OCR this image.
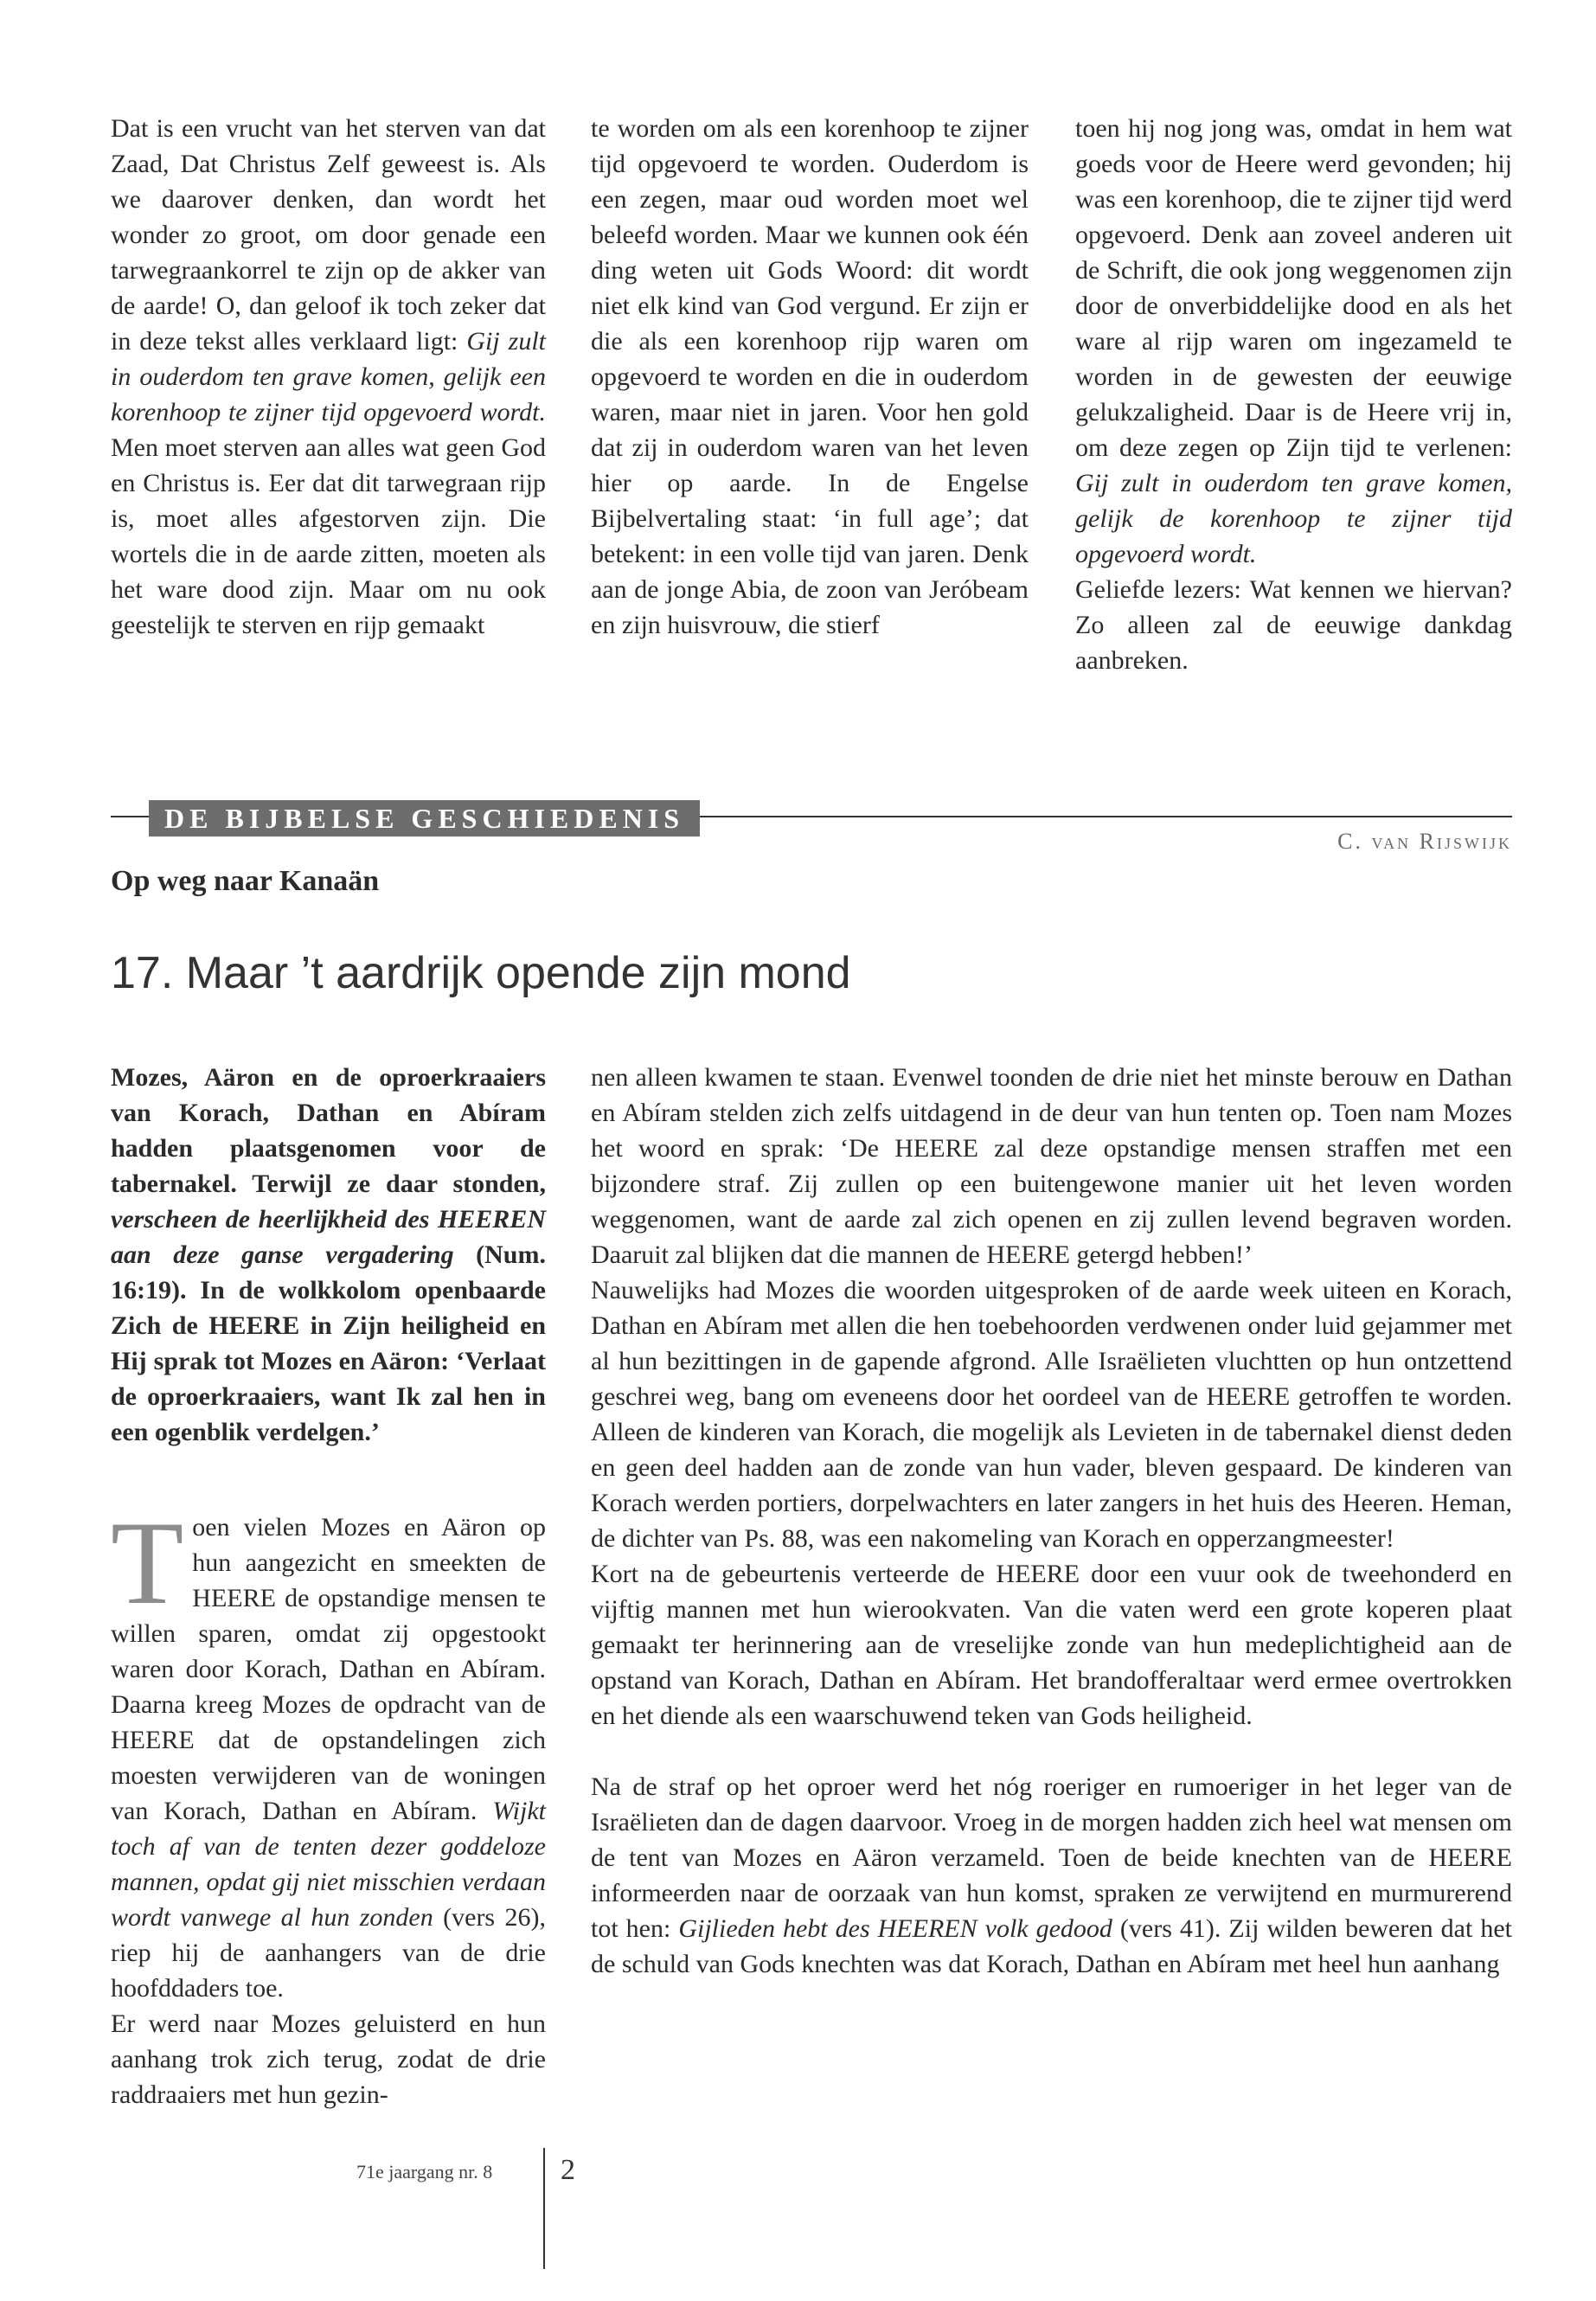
Dat is een vrucht van het sterven van dat Zaad, Dat Christus Zelf geweest is. Als we daarover denken, dan wordt het wonder zo groot, om door genade een tarwegraankorrel te zijn op de akker van de aarde! O, dan geloof ik toch zeker dat in deze tekst alles verklaard ligt: Gij zult in ouderdom ten grave komen, gelijk een korenhoop te zijner tijd opgevoerd wordt. Men moet sterven aan alles wat geen God en Christus is. Eer dat dit tarwegraan rijp is, moet alles afgestorven zijn. Die wortels die in de aarde zitten, moeten als het ware dood zijn. Maar om nu ook geestelijk te sterven en rijp gemaakt

te worden om als een korenhoop te zijner tijd opgevoerd te worden. Ouderdom is een zegen, maar oud worden moet wel beleefd worden. Maar we kunnen ook één ding weten uit Gods Woord: dit wordt niet elk kind van God vergund. Er zijn er die als een korenhoop rijp waren om opgevoerd te worden en die in ouderdom waren, maar niet in jaren. Voor hen gold dat zij in ouderdom waren van het leven hier op aarde. In de Engelse Bijbelvertaling staat: ‘in full age’; dat betekent: in een volle tijd van jaren. Denk aan de jonge Abia, de zoon van Jeróbeam en zijn huisvrouw, die stierf

toen hij nog jong was, omdat in hem wat goeds voor de Heere werd gevonden; hij was een korenhoop, die te zijner tijd werd opgevoerd. Denk aan zoveel anderen uit de Schrift, die ook jong weggenomen zijn door de onverbiddelijke dood en als het ware al rijp waren om ingezameld te worden in de gewesten der eeuwige gelukzaligheid. Daar is de Heere vrij in, om deze zegen op Zijn tijd te verlenen: Gij zult in ouderdom ten grave komen, gelijk de korenhoop te zijner tijd opgevoerd wordt.

Geliefde lezers: Wat kennen we hiervan? Zo alleen zal de eeuwige dankdag aanbreken.

DE BIJBELSE GESCHIEDENIS
C. van Rijswijk
Op weg naar Kanaän
17. Maar ’t aardrijk opende zijn mond
Mozes, Aäron en de oproerkraaiers van Korach, Dathan en Abíram hadden plaatsgenomen voor de tabernakel. Terwijl ze daar stonden, verscheen de heerlijkheid des HEEREN aan deze ganse vergadering (Num. 16:19). In de wolkkolom openbaarde Zich de HEERE in Zijn heiligheid en Hij sprak tot Mozes en Aäron: ‘Verlaat de oproerkraaiers, want Ik zal hen in een ogenblik verdelgen.’

Toen vielen Mozes en Aäron op hun aangezicht en smeekten de HEERE de opstandige mensen te willen sparen, omdat zij opgestookt waren door Korach, Dathan en Abíram. Daarna kreeg Mozes de opdracht van de HEERE dat de opstandelingen zich moesten verwijderen van de woningen van Korach, Dathan en Abíram. Wijkt toch af van de tenten dezer goddeloze mannen, opdat gij niet misschien verdaan wordt vanwege al hun zonden (vers 26), riep hij de aanhangers van de drie hoofddaders toe.

Er werd naar Mozes geluisterd en hun aanhang trok zich terug, zodat de drie raddraaiers met hun gezin-

nen alleen kwamen te staan. Evenwel toonden de drie niet het minste berouw en Dathan en Abíram stelden zich zelfs uitdagend in de deur van hun tenten op. Toen nam Mozes het woord en sprak: ‘De HEERE zal deze opstandige mensen straffen met een bijzondere straf. Zij zullen op een buitengewone manier uit het leven worden weggenomen, want de aarde zal zich openen en zij zullen levend begraven worden. Daaruit zal blijken dat die mannen de HEERE getergd hebben!’

Nauwelijks had Mozes die woorden uitgesproken of de aarde week uiteen en Korach, Dathan en Abíram met allen die hen toebehoorden verdwenen onder luid gejammer met al hun bezittingen in de gapende afgrond. Alle Israëlieten vluchtten op hun ontzettend geschrei weg, bang om eveneens door het oordeel van de HEERE getroffen te worden. Alleen de kinderen van Korach, die mogelijk als Levieten in de tabernakel dienst deden en geen deel hadden aan de zonde van hun vader, bleven gespaard. De kinderen van Korach werden portiers, dorpelwachters en later zangers in het huis des Heeren. Heman, de dichter van Ps. 88, was een nakomeling van Korach en opperzangmeester!

Kort na de gebeurtenis verteerde de HEERE door een vuur ook de tweehonderd en vijftig mannen met hun wierookvaten. Van die vaten werd een grote koperen plaat gemaakt ter herinnering aan de vreselijke zonde van hun medeplichtigheid aan de opstand van Korach, Dathan en Abíram. Het brandofferaltaar werd ermee overtrokken en het diende als een waarschuwend teken van Gods heiligheid.

Na de straf op het oproer werd het nóg roeriger en rumoeriger in het leger van de Israëlieten dan de dagen daarvoor. Vroeg in de morgen hadden zich heel wat mensen om de tent van Mozes en Aäron verzameld. Toen de beide knechten van de HEERE informeerden naar de oorzaak van hun komst, spraken ze verwijtend en murmurerend tot hen: Gijlieden hebt des HEEREN volk gedood (vers 41). Zij wilden beweren dat het de schuld van Gods knechten was dat Korach, Dathan en Abíram met heel hun aanhang

71e jaargang nr. 8 2
